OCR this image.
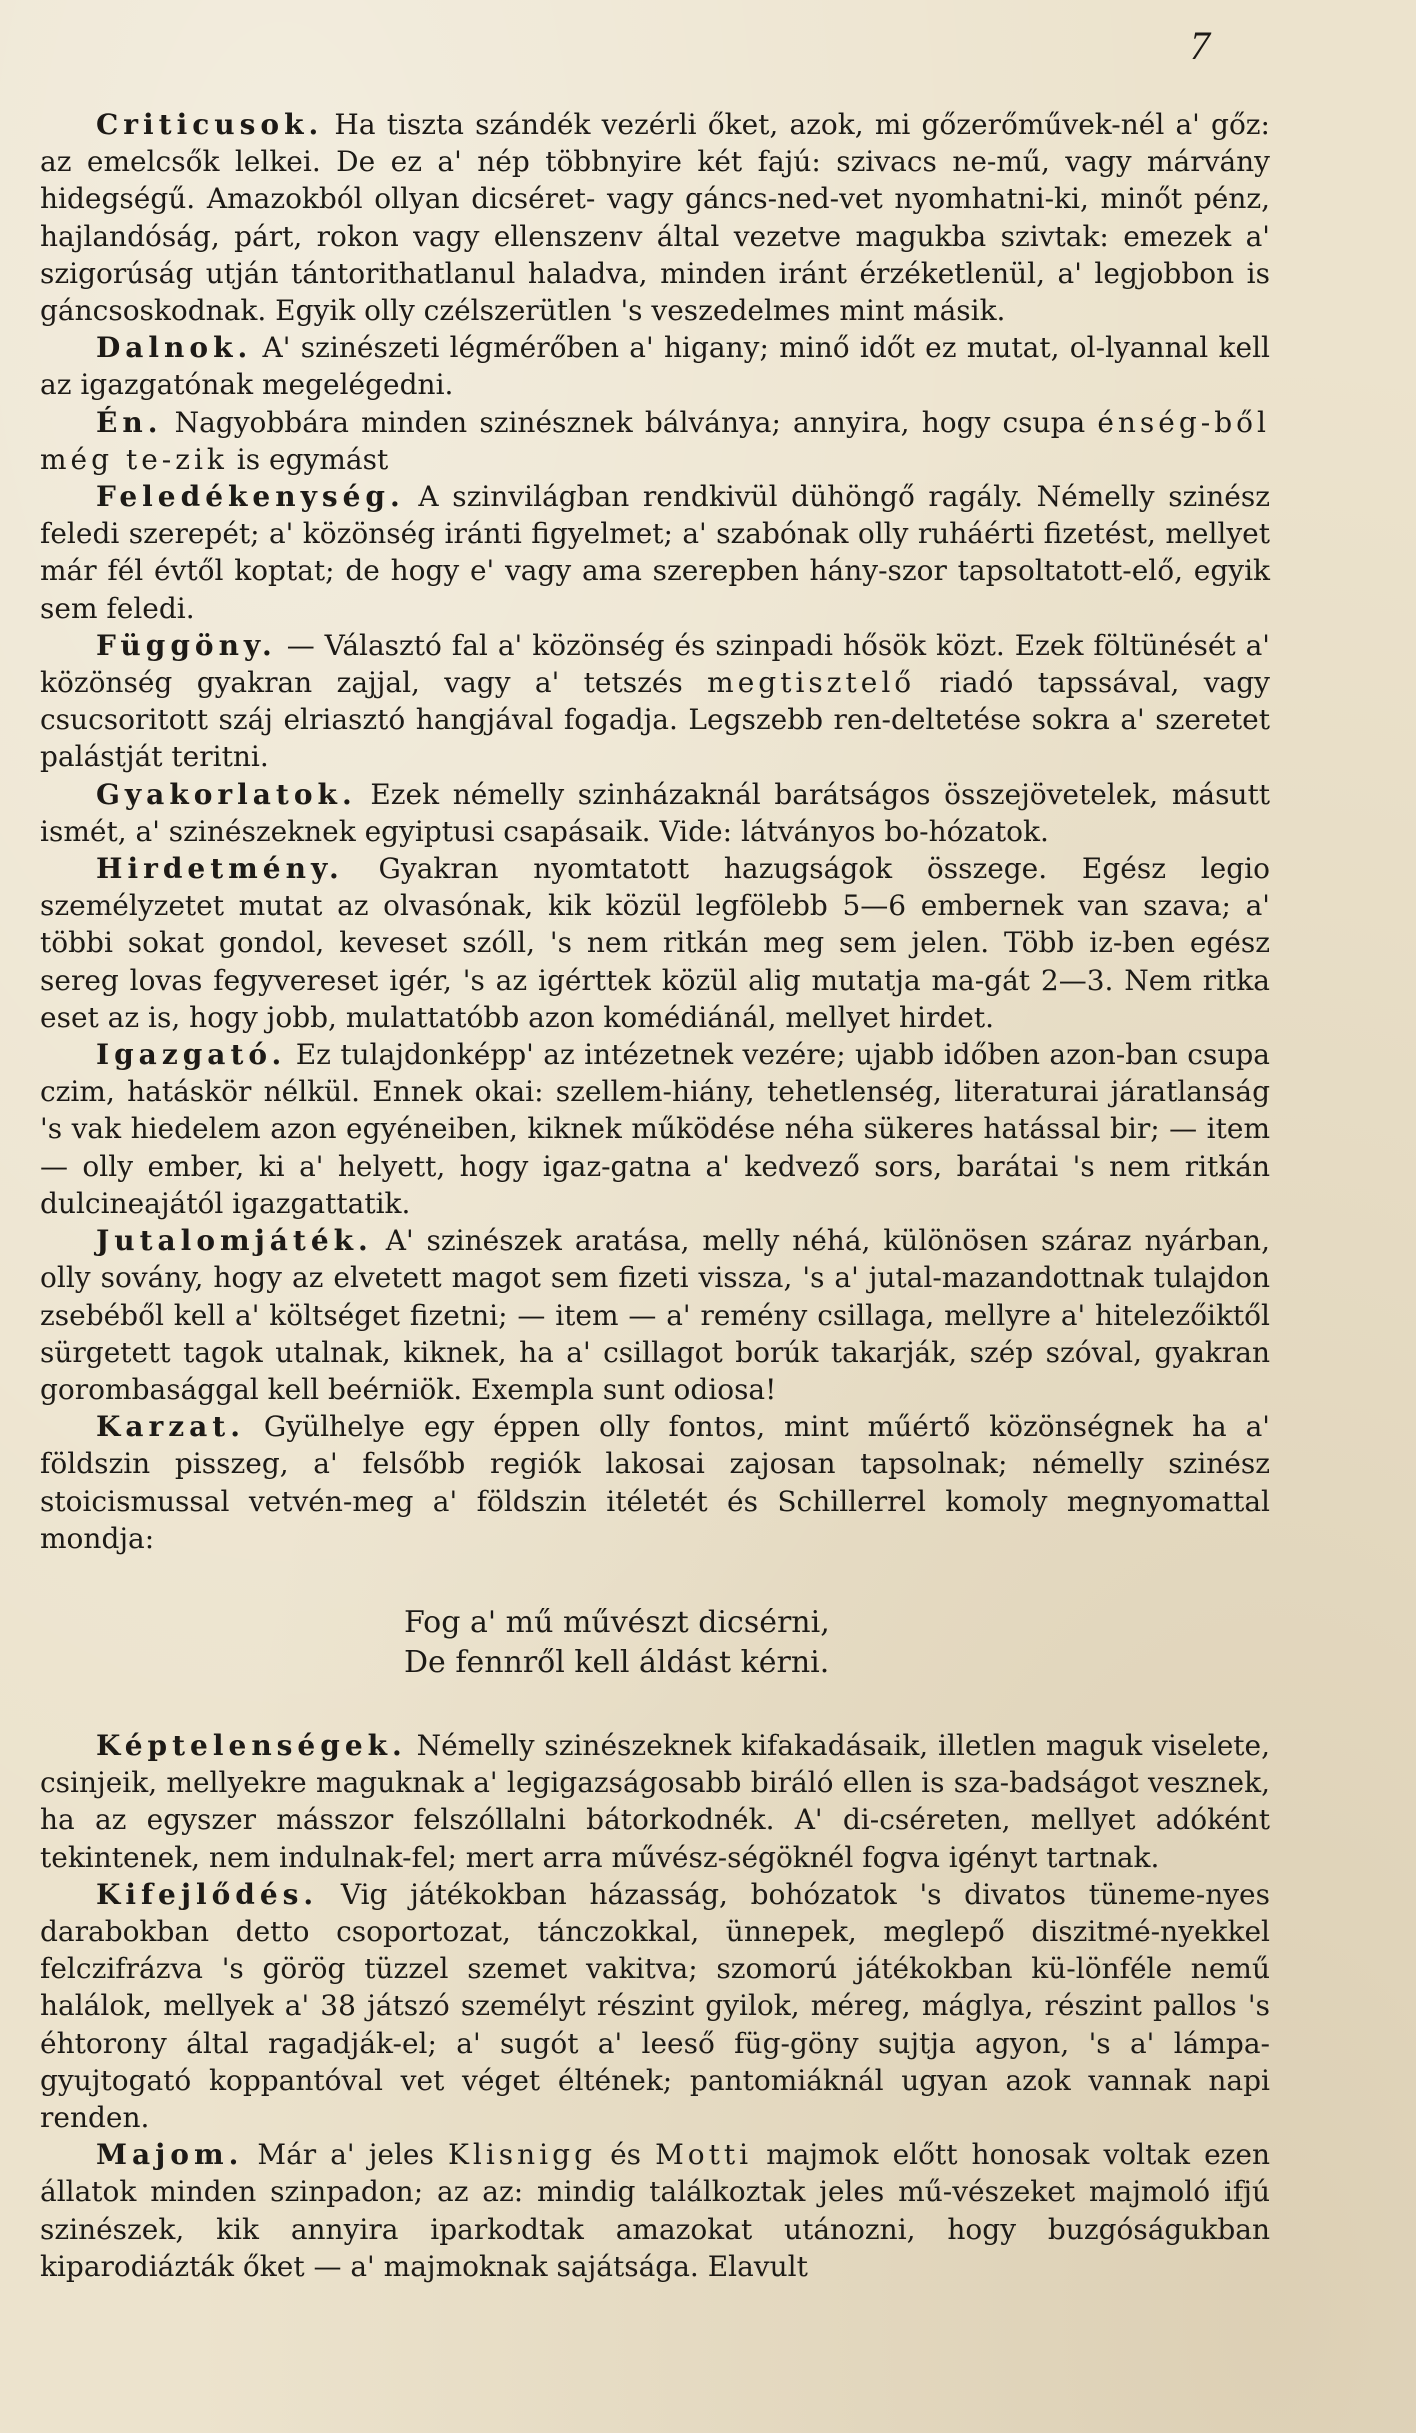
7

Criticusok. Ha tiszta szándék vezérli őket, azok, mi gőzerőművek-nél a' gőz: az emelcsők lelkei. De ez a' nép többnyire két fajú: szivacs ne-mű, vagy márvány hidegségű. Amazokból ollyan dicséret- vagy gáncs-ned-vet nyomhatni-ki, minőt pénz, hajlandóság, párt, rokon vagy ellenszenv által vezetve magukba szivtak: emezek a' szigorúság utján tántorithatlanul haladva, minden iránt érzéketlenül, a' legjobbon is gáncsoskodnak. Egyik olly czélszerütlen 's veszedelmes mint másik.

Dalnok. A' szinészeti légmérőben a' higany; minő időt ez mutat, ol-lyannal kell az igazgatónak megelégedni.

Én. Nagyobbára minden szinésznek bálványa; annyira, hogy csupa énség-ből még te-zik is egymást

Feledékenység. A szinvilágban rendkivül dühöngő ragály. Némelly szinész feledi szerepét; a' közönség iránti figyelmet; a' szabónak olly ruháérti fizetést, mellyet már fél évtől koptat; de hogy e' vagy ama szerepben hány-szor tapsoltatott-elő, egyik sem feledi.

Függöny. — Választó fal a' közönség és szinpadi hősök közt. Ezek föltünését a' közönség gyakran zajjal, vagy a' tetszés megtisztelő riadó tapssával, vagy csucsoritott száj elriasztó hangjával fogadja. Legszebb ren-deltetése sokra a' szeretet palástját teritni.

Gyakorlatok. Ezek némelly szinházaknál barátságos összejövetelek, másutt ismét, a' szinészeknek egyiptusi csapásaik. Vide: látványos bo-hózatok.

Hirdetmény. Gyakran nyomtatott hazugságok összege. Egész legio személyzetet mutat az olvasónak, kik közül legfölebb 5—6 embernek van szava; a' többi sokat gondol, keveset szóll, 's nem ritkán meg sem jelen. Több iz-ben egész sereg lovas fegyvereset igér, 's az igérttek közül alig mutatja ma-gát 2—3. Nem ritka eset az is, hogy jobb, mulattatóbb azon komédiánál, mellyet hirdet.

Igazgató. Ez tulajdonképp' az intézetnek vezére; ujabb időben azon-ban csupa czim, hatáskör nélkül. Ennek okai: szellem-hiány, tehetlenség, literaturai járatlanság 's vak hiedelem azon egyéneiben, kiknek működése néha sükeres hatással bir; — item — olly ember, ki a' helyett, hogy igaz-gatna a' kedvező sors, barátai 's nem ritkán dulcineajától igazgattatik.

Jutalomjáték. A' szinészek aratása, melly néhá, különösen száraz nyárban, olly sovány, hogy az elvetett magot sem fizeti vissza, 's a' jutal-mazandottnak tulajdon zsebéből kell a' költséget fizetni; — item — a' remény csillaga, mellyre a' hitelezőiktől sürgetett tagok utalnak, kiknek, ha a' csillagot borúk takarják, szép szóval, gyakran gorombasággal kell beérniök. Exempla sunt odiosa!

Karzat. Gyülhelye egy éppen olly fontos, mint műértő közönségnek ha a' földszin pisszeg, a' felsőbb regiók lakosai zajosan tapsolnak; némelly szinész stoicismussal vetvén-meg a' földszin itéletét és Schillerrel komoly megnyomattal mondja:

Fog a' mű művészt dicsérni,
De fennről kell áldást kérni.

Képtelenségek. Némelly szinészeknek kifakadásaik, illetlen maguk viselete, csinjeik, mellyekre maguknak a' legigazságosabb biráló ellen is sza-badságot vesznek, ha az egyszer másszor felszóllalni bátorkodnék. A' di-cséreten, mellyet adóként tekintenek, nem indulnak-fel; mert arra művész-ségöknél fogva igényt tartnak.

Kifejlődés. Vig játékokban házasság, bohózatok 's divatos tüneme-nyes darabokban detto csoportozat, tánczokkal, ünnepek, meglepő diszitmé-nyekkel felczifrázva 's görög tüzzel szemet vakitva; szomorú játékokban kü-lönféle nemű halálok, mellyek a' 38 játszó személyt részint gyilok, méreg, máglya, részint pallos 's éhtorony által ragadják-el; a' sugót a' leeső füg-göny sujtja agyon, 's a' lámpa-gyujtogató koppantóval vet véget éltének; pantomiáknál ugyan azok vannak napi renden.

Majom. Már a' jeles Klisnigg és Motti majmok előtt honosak voltak ezen állatok minden szinpadon; az az: mindig találkoztak jeles mű-vészeket majmoló ifjú szinészek, kik annyira iparkodtak amazokat utánozni, hogy buzgóságukban kiparodiázták őket — a' majmoknak sajátsága. Elavult
